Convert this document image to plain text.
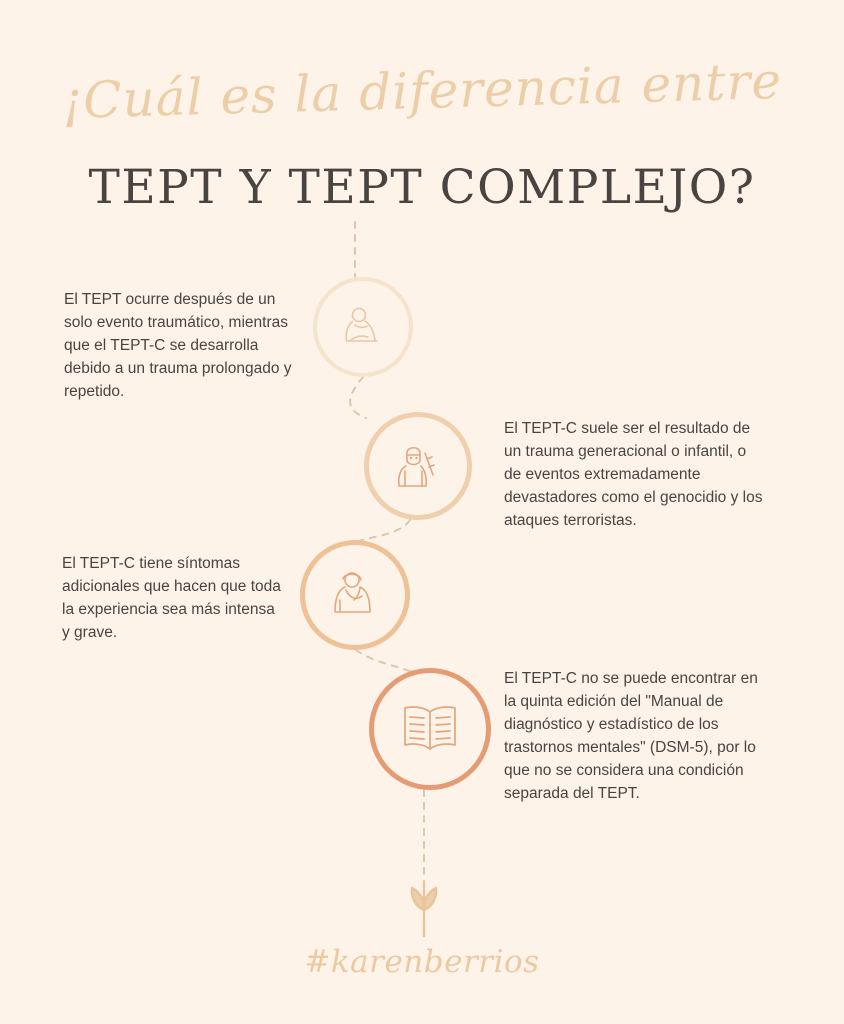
¡Cuál es la diferencia entre
TEPT Y TEPT COMPLEJO?
El TEPT ocurre después de un solo evento traumático, mientras que el TEPT-C se desarrolla debido a un trauma prolongado y repetido.
El TEPT-C suele ser el resultado de un trauma generacional o infantil, o de eventos extremadamente devastadores como el genocidio y los ataques terroristas.
El TEPT-C tiene síntomas adicionales que hacen que toda la experiencia sea más intensa y grave.
El TEPT-C no se puede encontrar en la quinta edición del "Manual de diagnóstico y estadístico de los trastornos mentales" (DSM-5), por lo que no se considera una condición separada del TEPT.
#karenberrios
